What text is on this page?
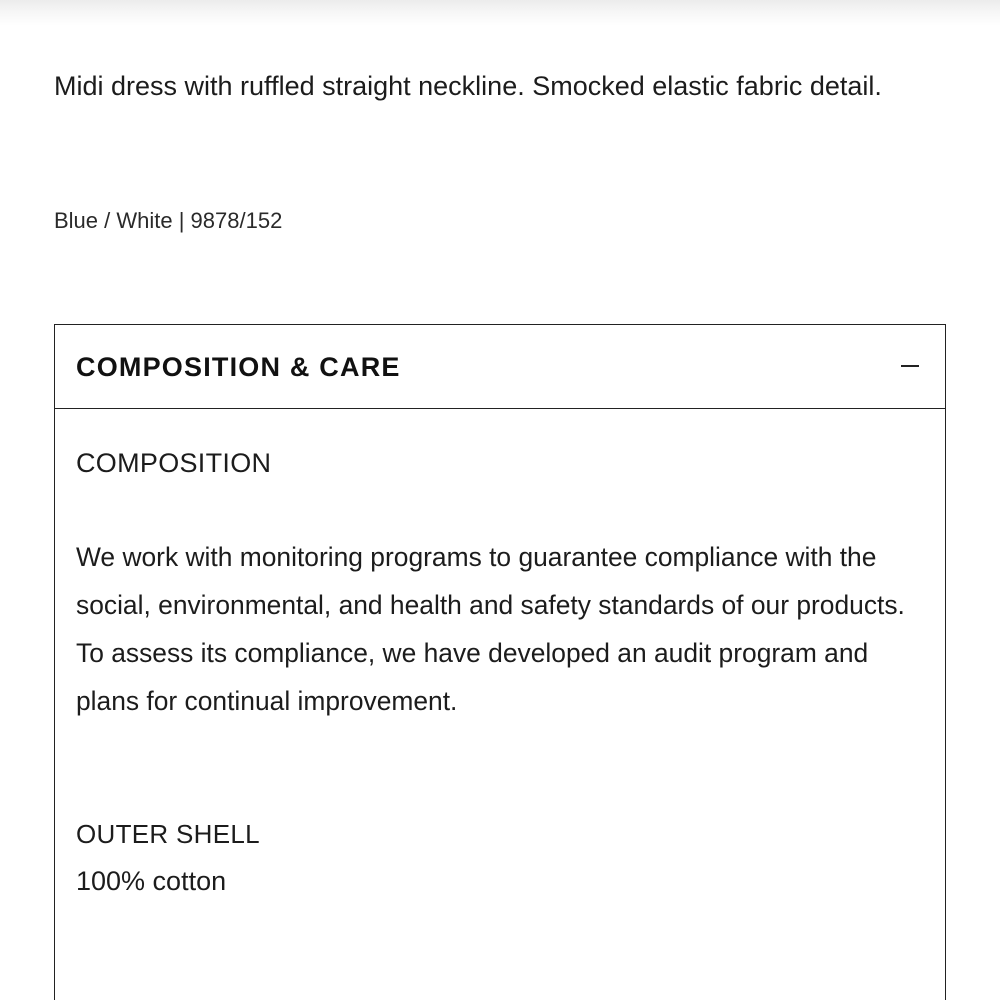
Midi dress with ruffled straight neckline. Smocked elastic fabric detail.

Blue / White | 9878/152
COMPOSITION & CARE
COMPOSITION

We work with monitoring programs to guarantee compliance with the social, environmental, and health and safety standards of our products. To assess its compliance, we have developed an audit program and plans for continual improvement.

OUTER SHELL
100% cotton
